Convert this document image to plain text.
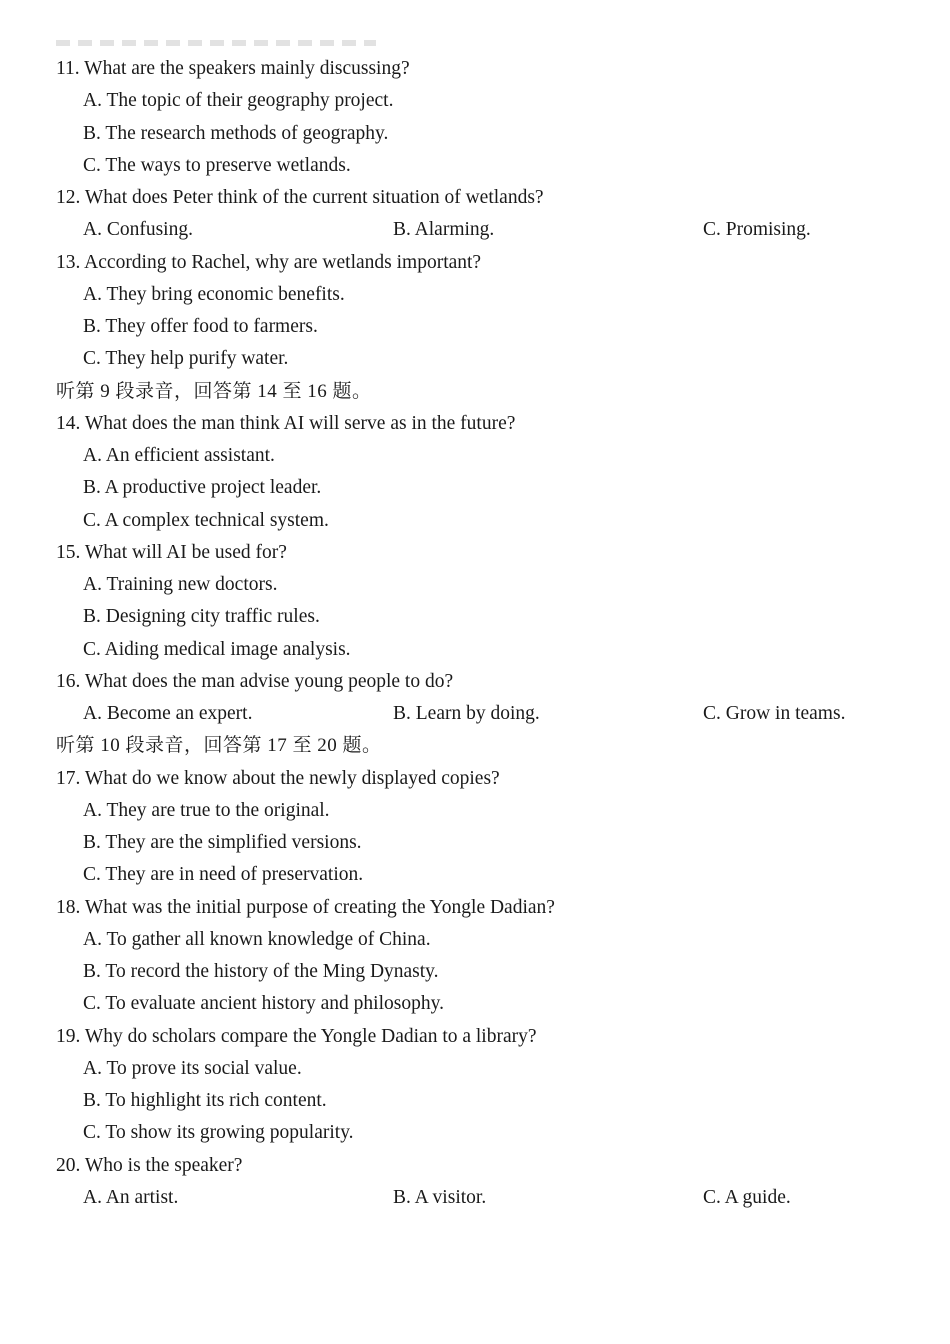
11. What are the speakers mainly discussing?
A. The topic of their geography project.
B. The research methods of geography.
C. The ways to preserve wetlands.
12. What does Peter think of the current situation of wetlands?
A. Confusing.	B. Alarming.	C. Promising.
13. According to Rachel, why are wetlands important?
A. They bring economic benefits.
B. They offer food to farmers.
C. They help purify water.
听第 9 段录音，回答第 14 至 16 题。
14. What does the man think AI will serve as in the future?
A. An efficient assistant.
B. A productive project leader.
C. A complex technical system.
15. What will AI be used for?
A. Training new doctors.
B. Designing city traffic rules.
C. Aiding medical image analysis.
16. What does the man advise young people to do?
A. Become an expert.	B. Learn by doing.	C. Grow in teams.
听第 10 段录音，回答第 17 至 20 题。
17. What do we know about the newly displayed copies?
A. They are true to the original.
B. They are the simplified versions.
C. They are in need of preservation.
18. What was the initial purpose of creating the Yongle Dadian?
A. To gather all known knowledge of China.
B. To record the history of the Ming Dynasty.
C. To evaluate ancient history and philosophy.
19. Why do scholars compare the Yongle Dadian to a library?
A. To prove its social value.
B. To highlight its rich content.
C. To show its growing popularity.
20. Who is the speaker?
A. An artist.	B. A visitor.	C. A guide.
